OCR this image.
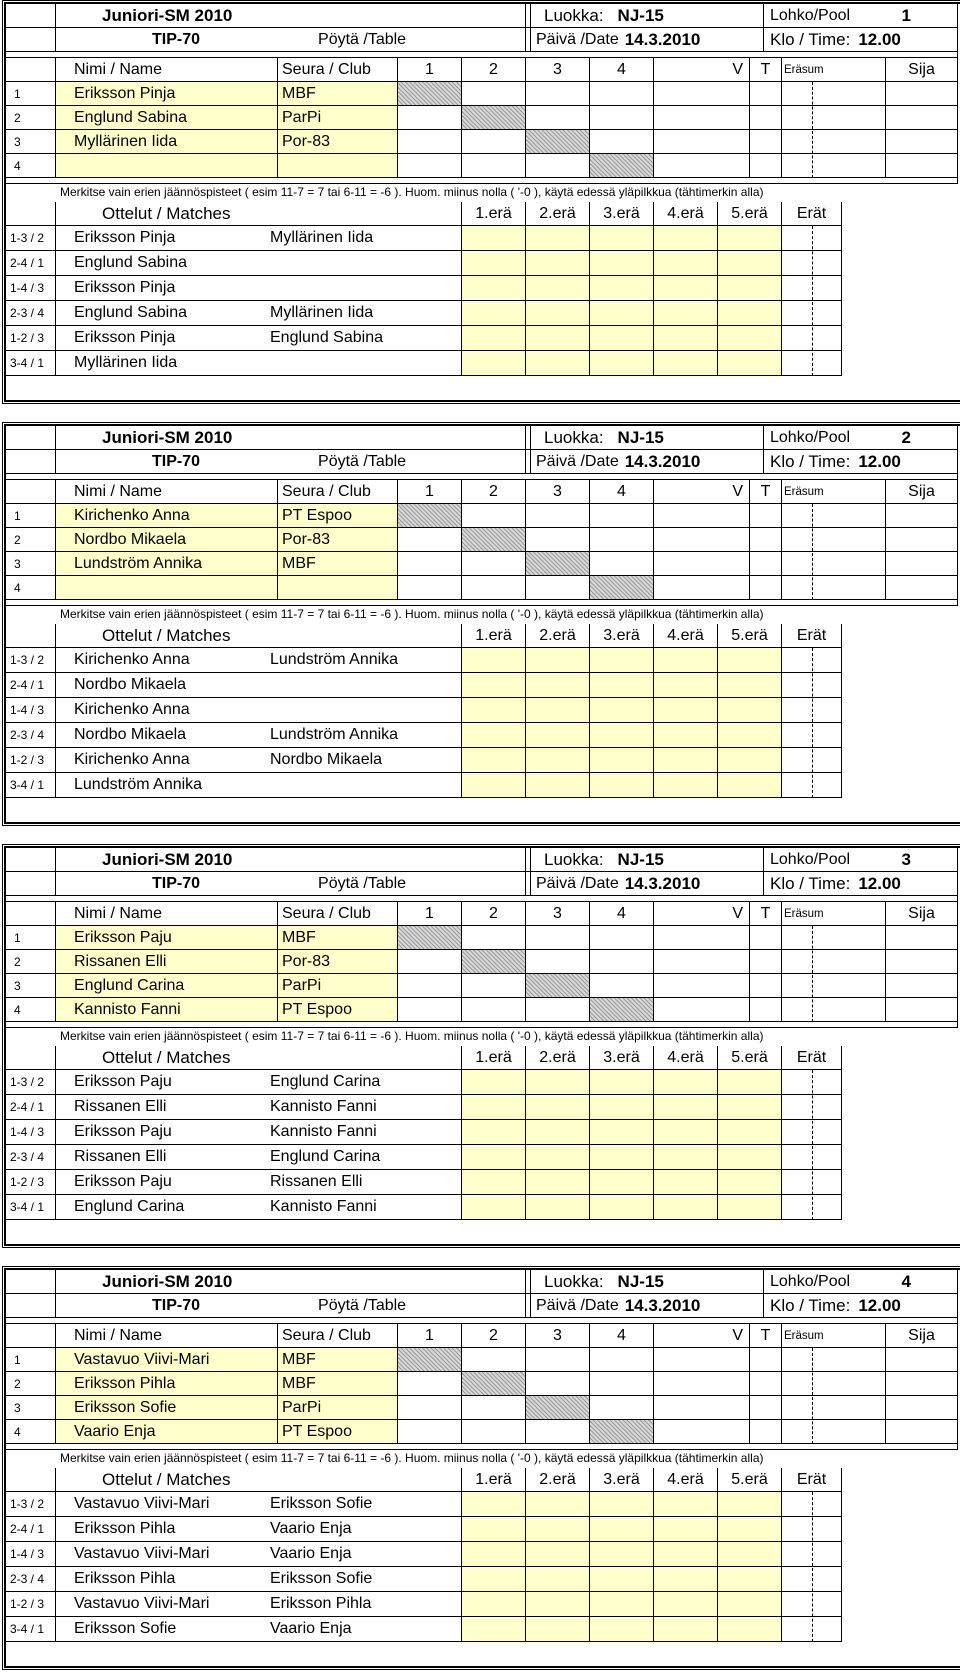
Juniori-SM 2010	Luokka: NJ-15	Lohko/Pool	1
TIP-70	Pöytä /Table	Päivä /Date 14.3.2010	Klo / Time: 12.00
Nimi / Name	Seura / Club	1	2	3	4	V	T	Eräsum	Sija
1	Eriksson Pinja	MBF
2	Englund Sabina	ParPi
3	Myllärinen Iida	Por-83
4
Merkitse vain erien jäännöspisteet ( esim 11-7 = 7 tai 6-11 = -6 ). Huom. miinus nolla ( '-0 ), käytä edessä yläpilkkua (tähtimerkin alla)
Ottelut / Matches	1.erä	2.erä	3.erä	4.erä	5.erä	Erät
1-3 / 2	Eriksson Pinja	Myllärinen Iida
2-4 / 1	Englund Sabina
1-4 / 3	Eriksson Pinja
2-3 / 4	Englund Sabina	Myllärinen Iida
1-2 / 3	Eriksson Pinja	Englund Sabina
3-4 / 1	Myllärinen Iida
Juniori-SM 2010	Luokka: NJ-15	Lohko/Pool	2
TIP-70	Pöytä /Table	Päivä /Date 14.3.2010	Klo / Time: 12.00
Nimi / Name	Seura / Club	1	2	3	4	V	T	Eräsum	Sija
1	Kirichenko Anna	PT Espoo
2	Nordbo Mikaela	Por-83
3	Lundström Annika	MBF
4
Merkitse vain erien jäännöspisteet ( esim 11-7 = 7 tai 6-11 = -6 ). Huom. miinus nolla ( '-0 ), käytä edessä yläpilkkua (tähtimerkin alla)
Ottelut / Matches	1.erä	2.erä	3.erä	4.erä	5.erä	Erät
1-3 / 2	Kirichenko Anna	Lundström Annika
2-4 / 1	Nordbo Mikaela
1-4 / 3	Kirichenko Anna
2-3 / 4	Nordbo Mikaela	Lundström Annika
1-2 / 3	Kirichenko Anna	Nordbo Mikaela
3-4 / 1	Lundström Annika
Juniori-SM 2010	Luokka: NJ-15	Lohko/Pool	3
TIP-70	Pöytä /Table	Päivä /Date 14.3.2010	Klo / Time: 12.00
Nimi / Name	Seura / Club	1	2	3	4	V	T	Eräsum	Sija
1	Eriksson Paju	MBF
2	Rissanen Elli	Por-83
3	Englund Carina	ParPi
4	Kannisto Fanni	PT Espoo
Merkitse vain erien jäännöspisteet ( esim 11-7 = 7 tai 6-11 = -6 ). Huom. miinus nolla ( '-0 ), käytä edessä yläpilkkua (tähtimerkin alla)
Ottelut / Matches	1.erä	2.erä	3.erä	4.erä	5.erä	Erät
1-3 / 2	Eriksson Paju	Englund Carina
2-4 / 1	Rissanen Elli	Kannisto Fanni
1-4 / 3	Eriksson Paju	Kannisto Fanni
2-3 / 4	Rissanen Elli	Englund Carina
1-2 / 3	Eriksson Paju	Rissanen Elli
3-4 / 1	Englund Carina	Kannisto Fanni
Juniori-SM 2010	Luokka: NJ-15	Lohko/Pool	4
TIP-70	Pöytä /Table	Päivä /Date 14.3.2010	Klo / Time: 12.00
Nimi / Name	Seura / Club	1	2	3	4	V	T	Eräsum	Sija
1	Vastavuo Viivi-Mari	MBF
2	Eriksson Pihla	MBF
3	Eriksson Sofie	ParPi
4	Vaario Enja	PT Espoo
Merkitse vain erien jäännöspisteet ( esim 11-7 = 7 tai 6-11 = -6 ). Huom. miinus nolla ( '-0 ), käytä edessä yläpilkkua (tähtimerkin alla)
Ottelut / Matches	1.erä	2.erä	3.erä	4.erä	5.erä	Erät
1-3 / 2	Vastavuo Viivi-Mari	Eriksson Sofie
2-4 / 1	Eriksson Pihla	Vaario Enja
1-4 / 3	Vastavuo Viivi-Mari	Vaario Enja
2-3 / 4	Eriksson Pihla	Eriksson Sofie
1-2 / 3	Vastavuo Viivi-Mari	Eriksson Pihla
3-4 / 1	Eriksson Sofie	Vaario Enja
